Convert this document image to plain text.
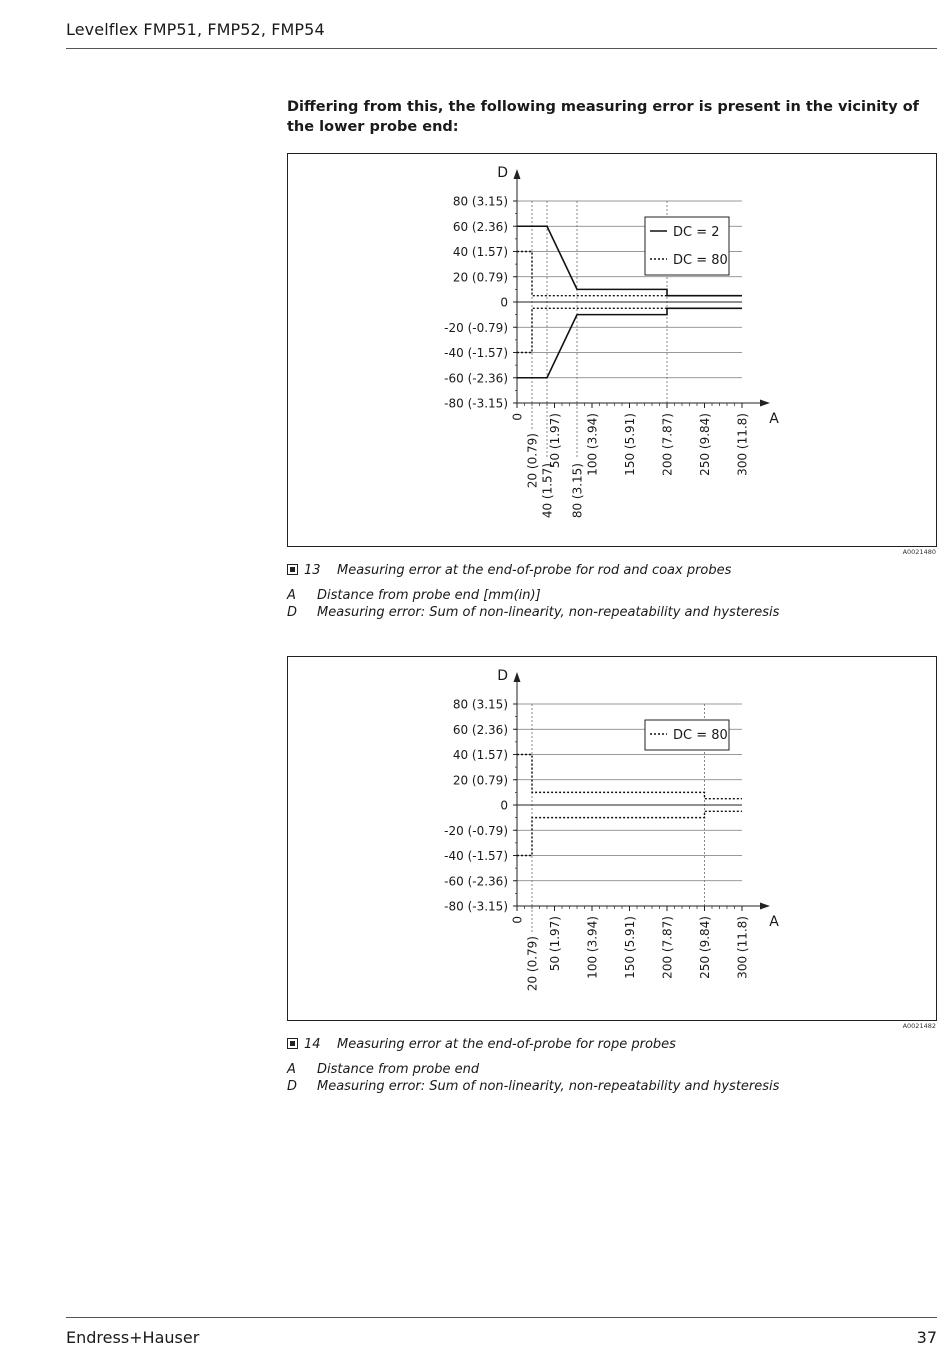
Levelflex FMP51, FMP52, FMP54
Differing from this, the following measuring error is present in the vicinity of the lower probe end:
80 (3.15)
60 (2.36)
40 (1.57)
20 (0.79)
0
-20 (-0.79)
-40 (-1.57)
-60 (-2.36)
-80 (-3.15)
D
A
0 50 (1.97) 100 (3.94) 150 (5.91) 200 (7.87) 250 (9.84) 300 (11.8)
20 (0.79)
40 (1.57) 80 (3.15)
DC = 2
DC = 80
A0021480
13 Measuring error at the end-of-probe for rod and coax probes
A Distance from probe end [mm(in)]
D Measuring error: Sum of non-linearity, non-repeatability and hysteresis
80 (3.15)
60 (2.36)
40 (1.57)
20 (0.79)
0
-20 (-0.79)
-40 (-1.57)
-60 (-2.36)
-80 (-3.15)
D
A
0 50 (1.97) 100 (3.94) 150 (5.91) 200 (7.87) 250 (9.84) 300 (11.8)
20 (0.79)
DC = 80
A0021482
14 Measuring error at the end-of-probe for rope probes
A Distance from probe end
D Measuring error: Sum of non-linearity, non-repeatability and hysteresis
Endress+Hauser	37
